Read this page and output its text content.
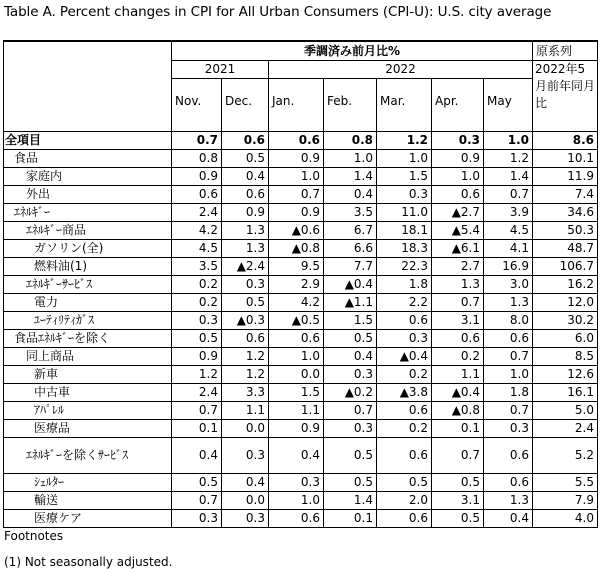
Table A. Percent changes in CPI for All Urban Consumers (CPI-U): U.S. city average
	季調済み前月比%							原系列
	2021		2022					2022年5月前年同月比
	Nov.	Dec.	Jan.	Feb.	Mar.	Apr.	May	
全項目	0.7	0.6	0.6	0.8	1.2	0.3	1.0	8.6
食品	0.8	0.5	0.9	1.0	1.0	0.9	1.2	10.1
家庭内	0.9	0.4	1.0	1.4	1.5	1.0	1.4	11.9
外出	0.6	0.6	0.7	0.4	0.3	0.6	0.7	7.4
ｴﾈﾙｷﾞｰ	2.4	0.9	0.9	3.5	11.0	▲2.7	3.9	34.6
ｴﾈﾙｷﾞｰ商品	4.2	1.3	▲0.6	6.7	18.1	▲5.4	4.5	50.3
ガソリン(全)	4.5	1.3	▲0.8	6.6	18.3	▲6.1	4.1	48.7
燃料油(1)	3.5	▲2.4	9.5	7.7	22.3	2.7	16.9	106.7
ｴﾈﾙｷﾞｰｻｰﾋﾞｽ	0.2	0.3	2.9	▲0.4	1.8	1.3	3.0	16.2
電力	0.2	0.5	4.2	▲1.1	2.2	0.7	1.3	12.0
ﾕｰﾃｨﾘﾃｨｶﾞｽ	0.3	▲0.3	▲0.5	1.5	0.6	3.1	8.0	30.2
食品ｴﾈﾙｷﾞｰを除く	0.5	0.6	0.6	0.5	0.3	0.6	0.6	6.0
同上商品	0.9	1.2	1.0	0.4	▲0.4	0.2	0.7	8.5
新車	1.2	1.2	0.0	0.3	0.2	1.1	1.0	12.6
中古車	2.4	3.3	1.5	▲0.2	▲3.8	▲0.4	1.8	16.1
ｱﾊﾟﾚﾙ	0.7	1.1	1.1	0.7	0.6	▲0.8	0.7	5.0
医療品	0.1	0.0	0.9	0.3	0.2	0.1	0.3	2.4
ｴﾈﾙｷﾞｰを除くｻｰﾋﾞｽ	0.4	0.3	0.4	0.5	0.6	0.7	0.6	5.2
ｼｪﾙﾀｰ	0.5	0.4	0.3	0.5	0.5	0.5	0.6	5.5
輸送	0.7	0.0	1.0	1.4	2.0	3.1	1.3	7.9
医療ケア	0.3	0.3	0.6	0.1	0.6	0.5	0.4	4.0
Footnotes
(1) Not seasonally adjusted.
